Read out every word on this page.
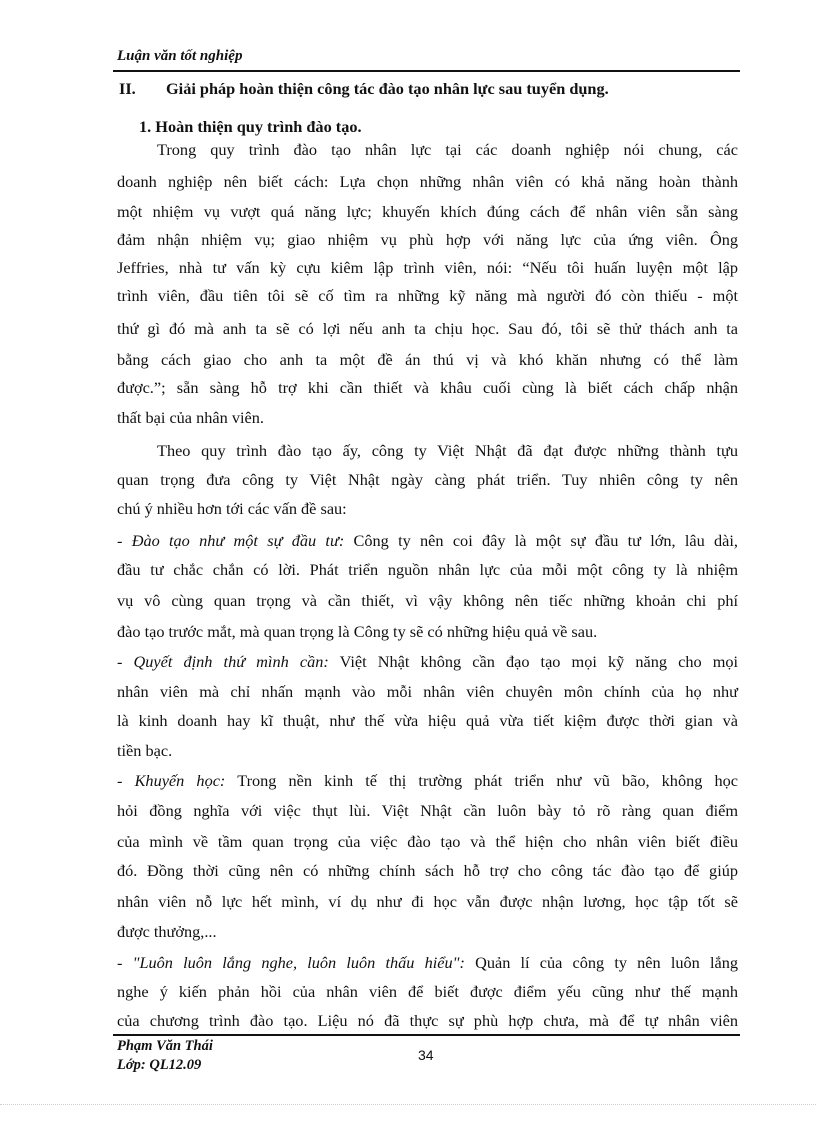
Luận văn tốt nghiệp
II. Giải pháp hoàn thiện công tác đào tạo nhân lực sau tuyển dụng.
1. Hoàn thiện quy trình đào tạo.
Trong quy trình đào tạo nhân lực tại các doanh nghiệp nói chung, các
doanh nghiệp nên biết cách: Lựa chọn những nhân viên có khả năng hoàn thành
một nhiệm vụ vượt quá năng lực; khuyến khích đúng cách để nhân viên sẵn sàng
đảm nhận nhiệm vụ; giao nhiệm vụ phù hợp với năng lực của ứng viên. Ông
Jeffries, nhà tư vấn kỳ cựu kiêm lập trình viên, nói: “Nếu tôi huấn luyện một lập
trình viên, đầu tiên tôi sẽ cố tìm ra những kỹ năng mà người đó còn thiếu - một
thứ gì đó mà anh ta sẽ có lợi nếu anh ta chịu học. Sau đó, tôi sẽ thử thách anh ta
bằng cách giao cho anh ta một đề án thú vị và khó khăn nhưng có thể làm
được.”; sẵn sàng hỗ trợ khi cần thiết và khâu cuối cùng là biết cách chấp nhận
thất bại của nhân viên.
Theo quy trình đào tạo ấy, công ty Việt Nhật đã đạt được những thành tựu
quan trọng đưa công ty Việt Nhật ngày càng phát triển. Tuy nhiên công ty nên
chú ý nhiều hơn tới các vấn đề sau:
- Đào tạo như một sự đầu tư: Công ty nên coi đây là một sự đầu tư lớn, lâu dài,
đầu tư chắc chắn có lời. Phát triển nguồn nhân lực của mỗi một công ty là nhiệm
vụ vô cùng quan trọng và cần thiết, vì vậy không nên tiếc những khoản chi phí
đào tạo trước mắt, mà quan trọng là Công ty sẽ có những hiệu quả về sau.
- Quyết định thứ mình cần: Việt Nhật không cần đạo tạo mọi kỹ năng cho mọi
nhân viên mà chỉ nhấn mạnh vào mỗi nhân viên chuyên môn chính của họ như
là kinh doanh hay kĩ thuật, như thế vừa hiệu quả vừa tiết kiệm được thời gian và
tiền bạc.
- Khuyến học: Trong nền kinh tế thị trường phát triển như vũ bão, không học
hỏi đồng nghĩa với việc thụt lùi. Việt Nhật cần luôn bày tỏ rõ ràng quan điểm
của mình về tầm quan trọng của việc đào tạo và thể hiện cho nhân viên biết điều
đó. Đồng thời cũng nên có những chính sách hỗ trợ cho công tác đào tạo để giúp
nhân viên nỗ lực hết mình, ví dụ như đi học vẫn được nhận lương, học tập tốt sẽ
được thưởng,...
- "Luôn luôn lắng nghe, luôn luôn thấu hiểu": Quản lí của công ty nên luôn lắng
nghe ý kiến phản hồi của nhân viên để biết được điểm yếu cũng như thế mạnh
của chương trình đào tạo. Liệu nó đã thực sự phù hợp chưa, mà để tự nhân viên
Phạm Văn Thái
Lớp: QL12.09
34
